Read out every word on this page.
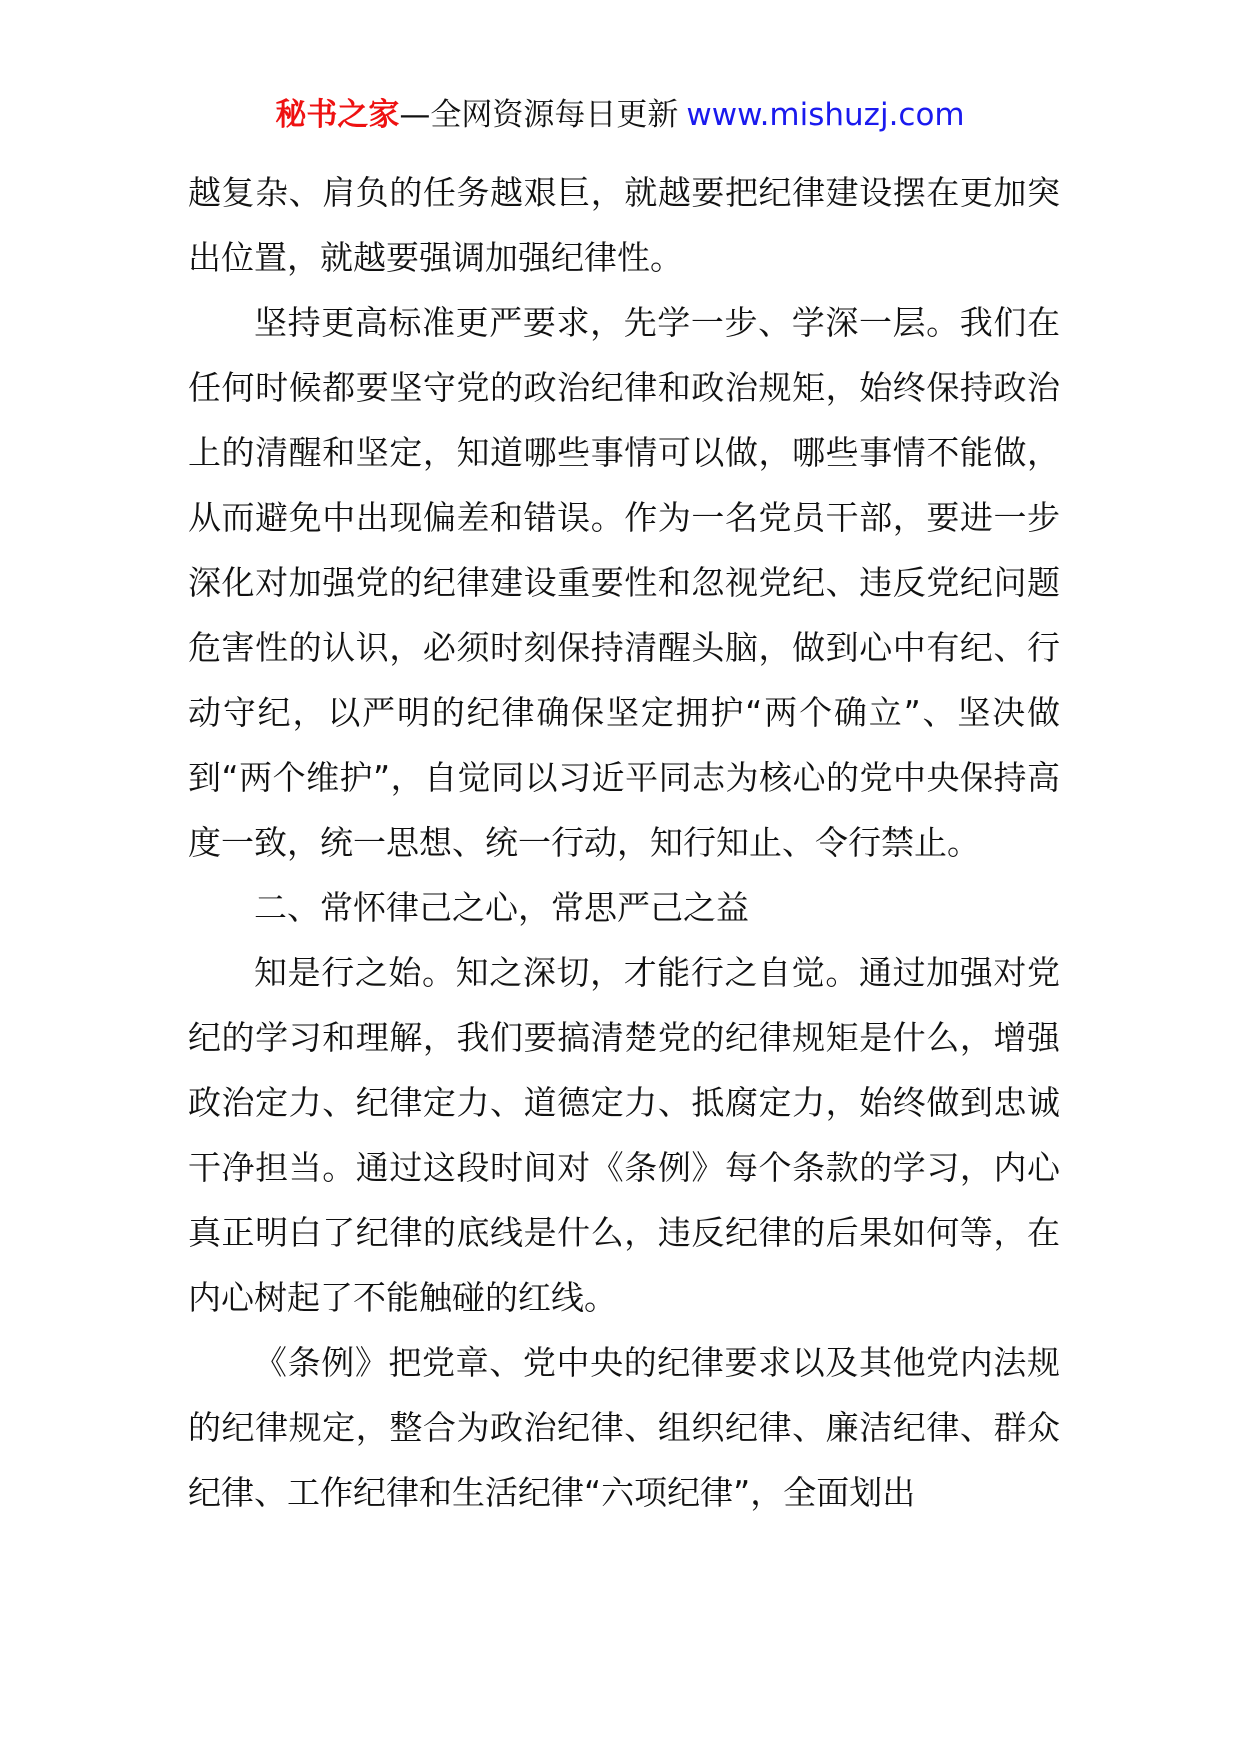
秘书之家—全网资源每日更新 www.mishuzj.com

越复杂、肩负的任务越艰巨，就越要把纪律建设摆在更加突出位置，就越要强调加强纪律性。

坚持更高标准更严要求，先学一步、学深一层。我们在任何时候都要坚守党的政治纪律和政治规矩，始终保持政治上的清醒和坚定，知道哪些事情可以做，哪些事情不能做，从而避免中出现偏差和错误。作为一名党员干部，要进一步深化对加强党的纪律建设重要性和忽视党纪、违反党纪问题危害性的认识，必须时刻保持清醒头脑，做到心中有纪、行动守纪，以严明的纪律确保坚定拥护“两个确立”、坚决做到“两个维护”，自觉同以习近平同志为核心的党中央保持高度一致，统一思想、统一行动，知行知止、令行禁止。

二、常怀律己之心，常思严己之益

知是行之始。知之深切，才能行之自觉。通过加强对党纪的学习和理解，我们要搞清楚党的纪律规矩是什么，增强政治定力、纪律定力、道德定力、抵腐定力，始终做到忠诚干净担当。通过这段时间对《条例》每个条款的学习，内心真正明白了纪律的底线是什么，违反纪律的后果如何等，在内心树起了不能触碰的红线。

《条例》把党章、党中央的纪律要求以及其他党内法规的纪律规定，整合为政治纪律、组织纪律、廉洁纪律、群众纪律、工作纪律和生活纪律“六项纪律”，全面划出
